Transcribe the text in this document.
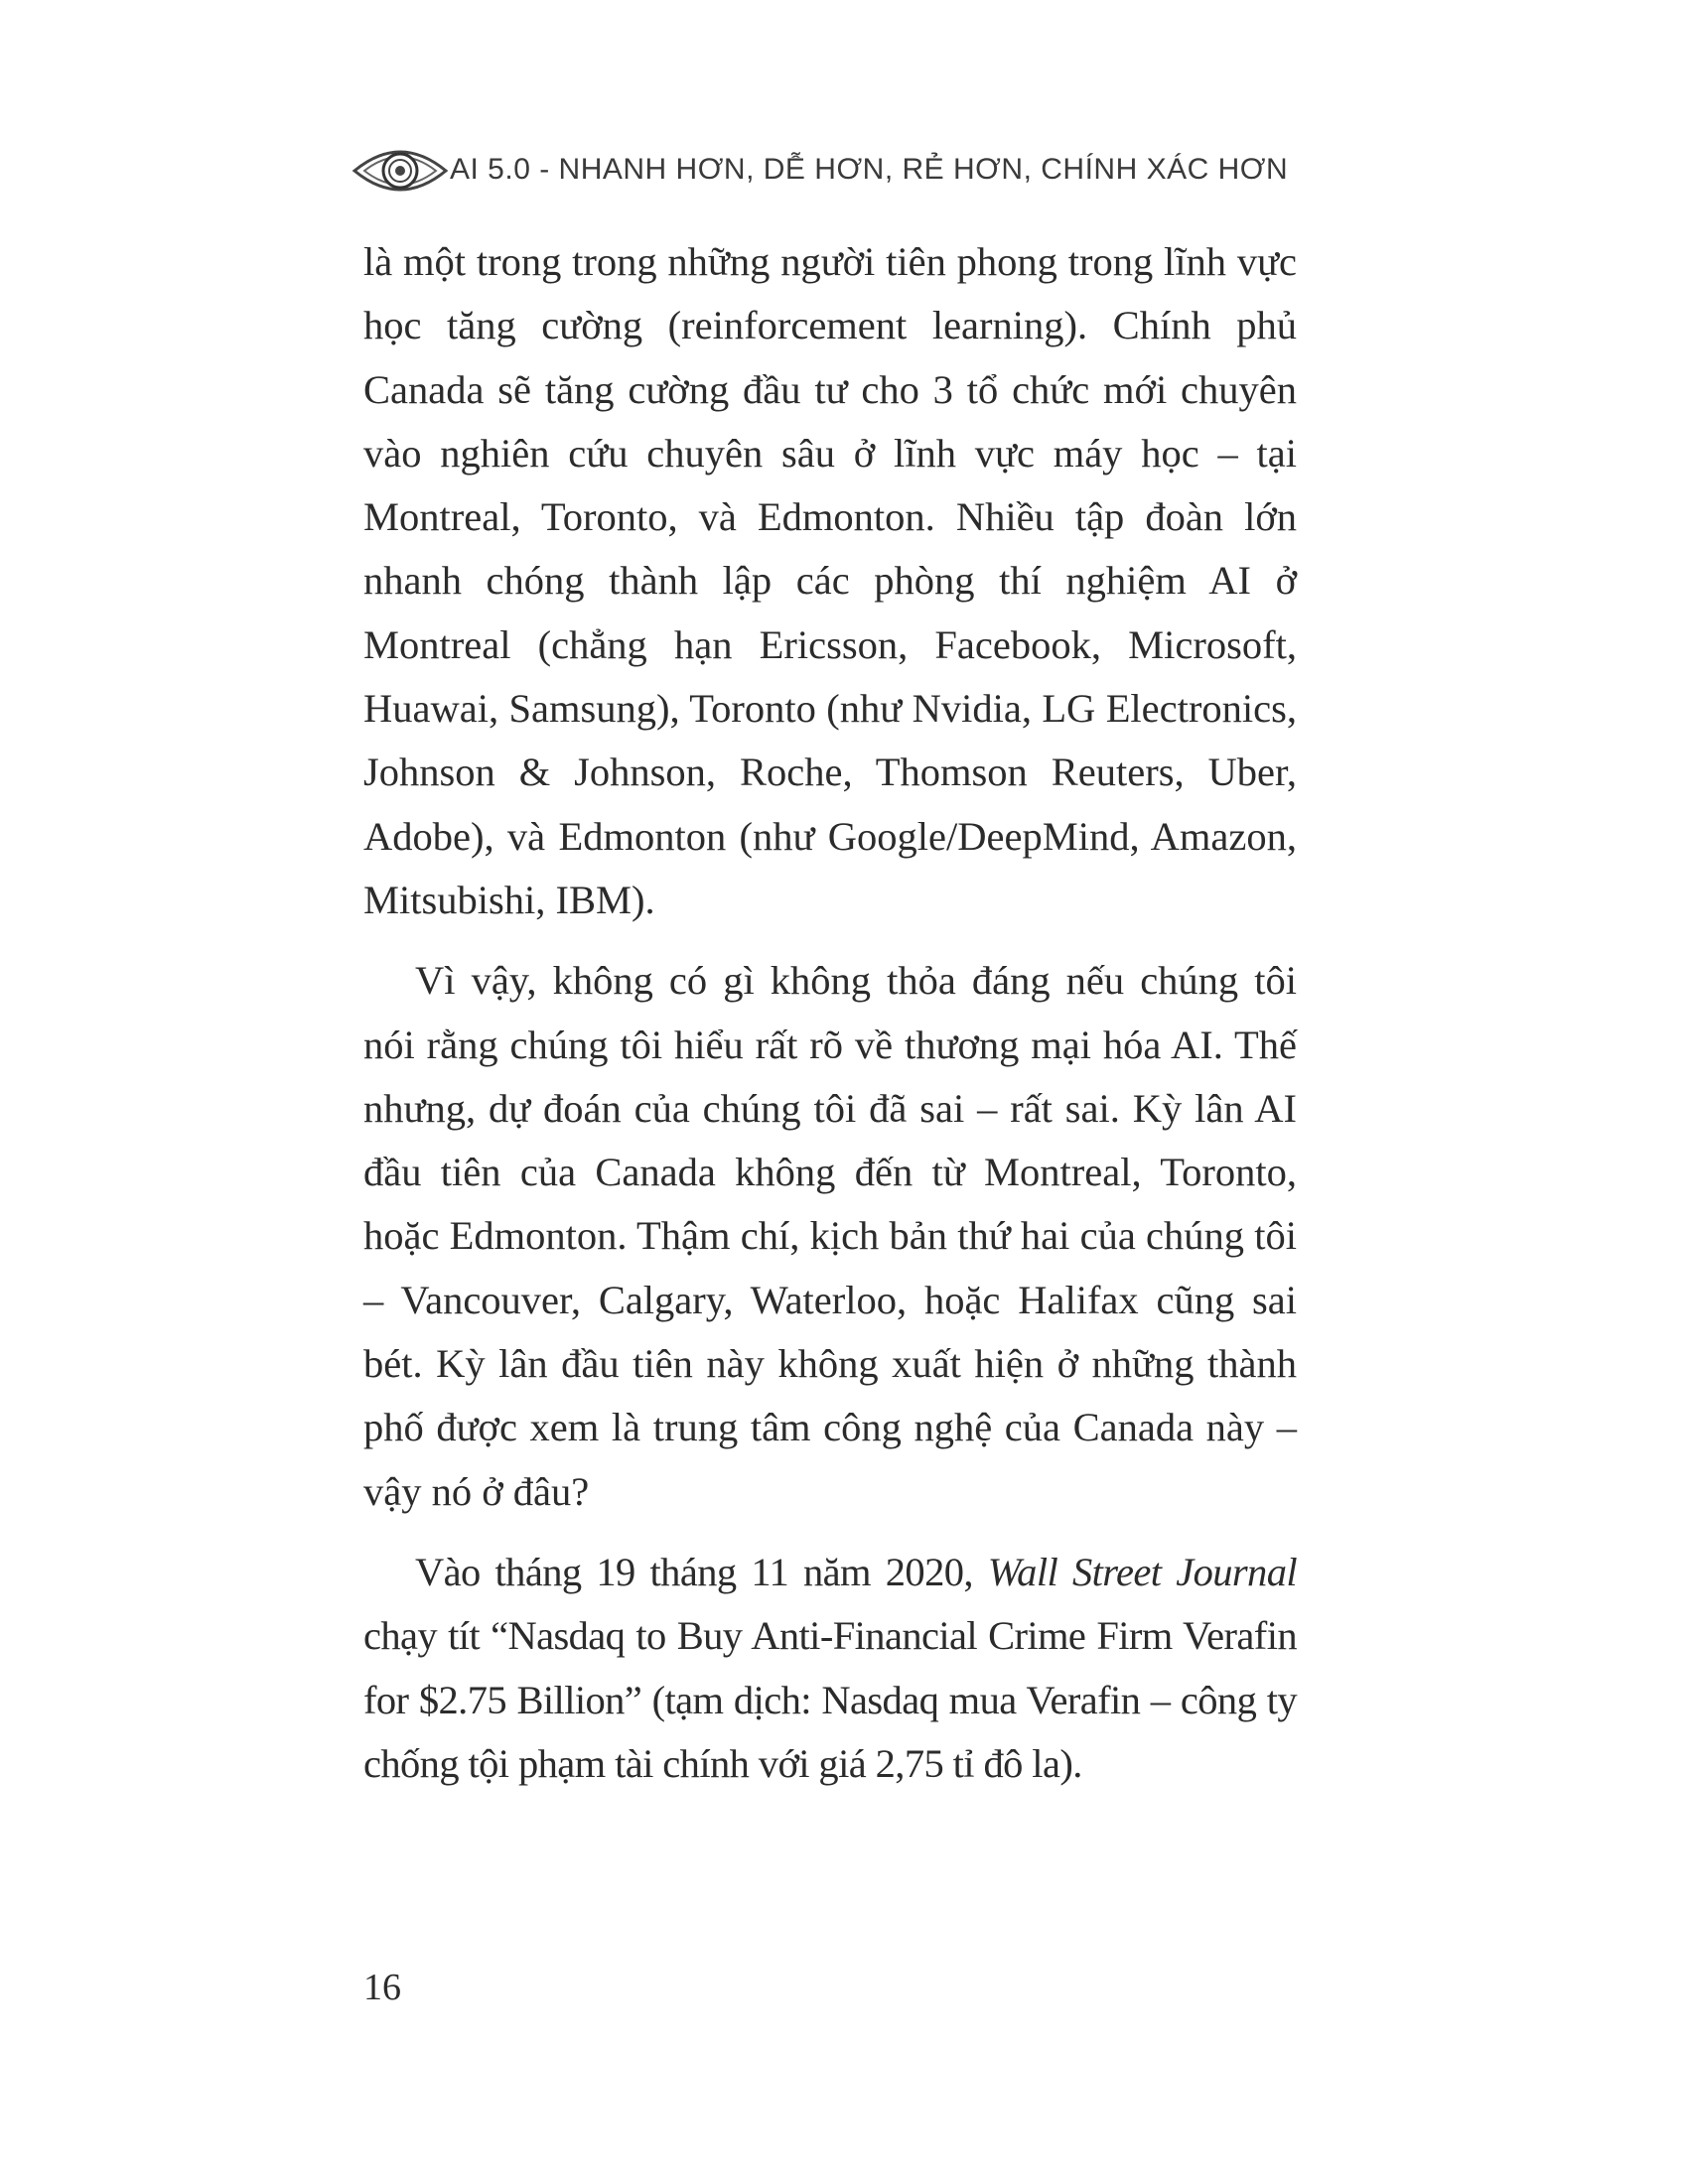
AI 5.0 - NHANH HƠN, DỄ HƠN, RẺ HƠN, CHÍNH XÁC HƠN

là một trong trong những người tiên phong trong lĩnh vực học tăng cường (reinforcement learning). Chính phủ Canada sẽ tăng cường đầu tư cho 3 tổ chức mới chuyên vào nghiên cứu chuyên sâu ở lĩnh vực máy học – tại Montreal, Toronto, và Edmonton. Nhiều tập đoàn lớn nhanh chóng thành lập các phòng thí nghiệm AI ở Montreal (chẳng hạn Ericsson, Facebook, Microsoft, Huawai, Samsung), Toronto (như Nvidia, LG Electronics, Johnson & Johnson, Roche, Thomson Reuters, Uber, Adobe), và Edmonton (như Google/DeepMind, Amazon, Mitsubishi, IBM).

Vì vậy, không có gì không thỏa đáng nếu chúng tôi nói rằng chúng tôi hiểu rất rõ về thương mại hóa AI. Thế nhưng, dự đoán của chúng tôi đã sai – rất sai. Kỳ lân AI đầu tiên của Canada không đến từ Montreal, Toronto, hoặc Edmonton. Thậm chí, kịch bản thứ hai của chúng tôi – Vancouver, Calgary, Waterloo, hoặc Halifax cũng sai bét. Kỳ lân đầu tiên này không xuất hiện ở những thành phố được xem là trung tâm công nghệ của Canada này – vậy nó ở đâu?

Vào tháng 19 tháng 11 năm 2020, Wall Street Journal chạy tít “Nasdaq to Buy Anti-Financial Crime Firm Verafin for $2.75 Billion” (tạm dịch: Nasdaq mua Verafin – công ty chống tội phạm tài chính với giá 2,75 tỉ đô la).

16
